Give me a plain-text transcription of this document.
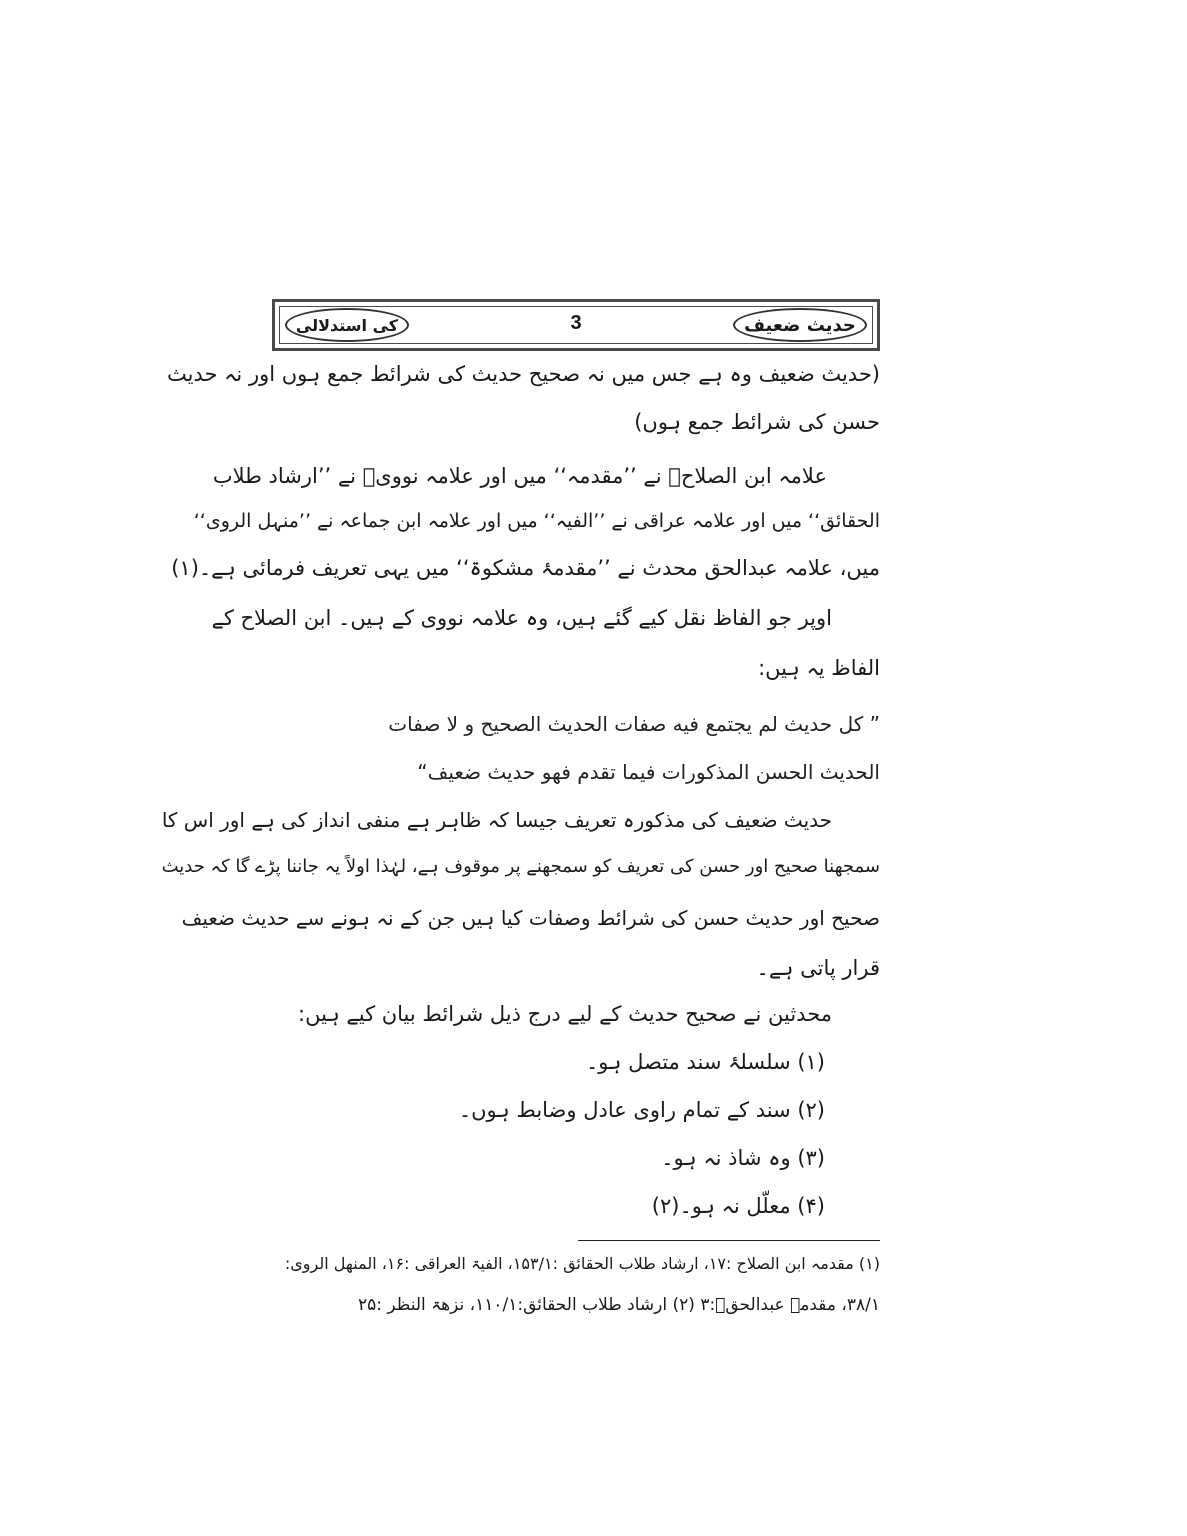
کی استدلالی	3	حدیث ضعیف
(حدیث ضعیف وہ ہے جس میں نہ صحیح حدیث کی شرائط جمع ہوں اور نہ حدیث
حسن کی شرائط جمع ہوں)
علامہ ابن الصلاحؒ نے ’’مقدمہ‘‘ میں اور علامہ نوویؒ نے ’’ارشاد طلاب
الحقائق‘‘ میں اور علامہ عراقی نے ’’الفیہ‘‘ میں اور علامہ ابن جماعہ نے ’’منہل الروی‘‘
میں، علامہ عبدالحق محدث نے ’’مقدمۂ مشکوۃ‘‘ میں یہی تعریف فرمائی ہے۔(۱)
اوپر جو الفاظ نقل کیے گئے ہیں، وہ علامہ نووی کے ہیں۔ ابن الصلاح کے
الفاظ یہ ہیں:
” کل حدیث لم یجتمع فیه صفات الحدیث الصحیح و لا صفات
الحدیث الحسن المذکورات فیما تقدم فهو حدیث ضعیف“
حدیث ضعیف کی مذکورہ تعریف جیسا کہ ظاہر ہے منفی انداز کی ہے اور اس کا
سمجھنا صحیح اور حسن کی تعریف کو سمجھنے پر موقوف ہے، لہٰذا اولاً یہ جاننا پڑے گا کہ حدیث
صحیح اور حدیث حسن کی شرائط وصفات کیا ہیں جن کے نہ ہونے سے حدیث ضعیف
قرار پاتی ہے۔
محدثین نے صحیح حدیث کے لیے درج ذیل شرائط بیان کیے ہیں:
(۱) سلسلۂ سند متصل ہو۔
(۲) سند کے تمام راوی عادل وضابط ہوں۔
(۳) وہ شاذ نہ ہو۔
(۴) معلّل نہ ہو۔(۲)
(۱) مقدمہ ابن الصلاح :۱۷، ارشاد طلاب الحقائق :۱۵۳/۱، الفیۃ العراقی :۱۶، المنهل الروی:
۳۸/۱، مقدمہ عبدالحقؒ:۳ (۲) ارشاد طلاب الحقائق:۱۱۰/۱، نزھۃ النظر :۲۵
